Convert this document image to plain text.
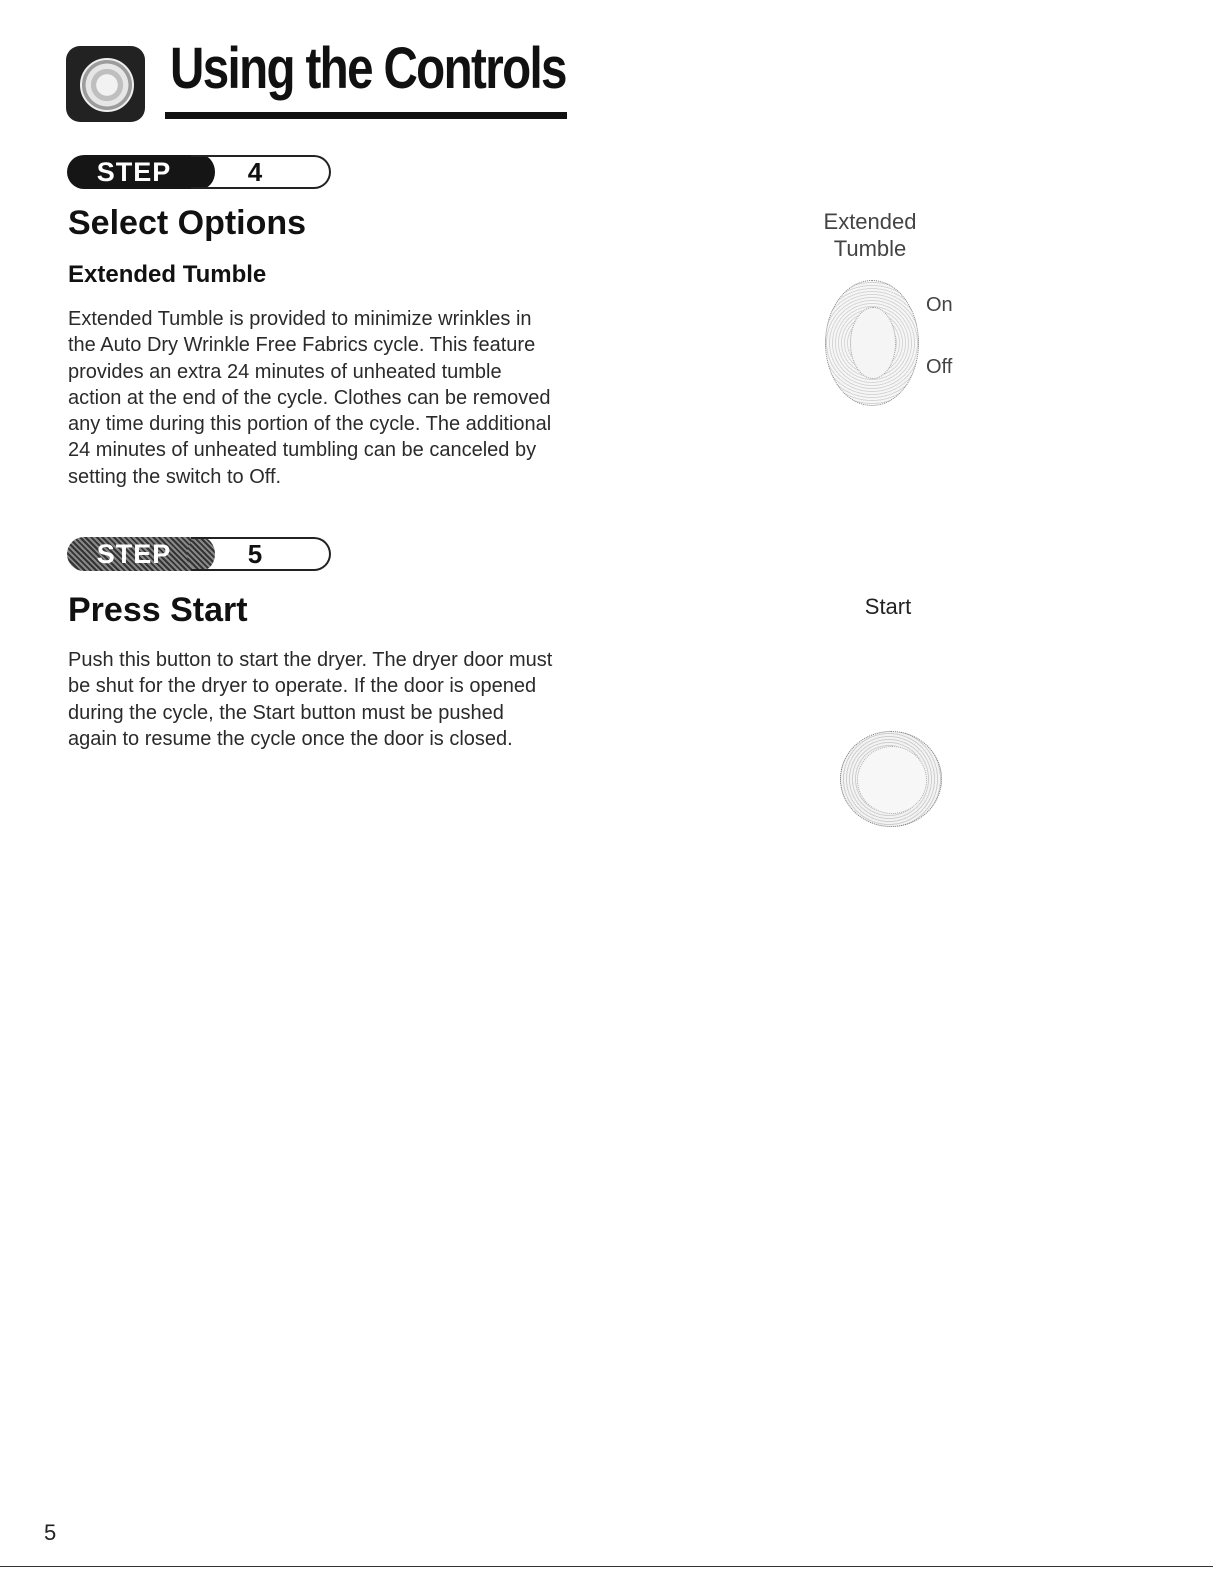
Using the Controls
STEP	4
Select Options
Extended Tumble
Extended Tumble is provided to minimize wrinkles in
the Auto Dry Wrinkle Free Fabrics cycle. This feature
provides an extra 24 minutes of unheated tumble
action at the end of the cycle. Clothes can be removed
any time during this portion of the cycle. The additional
24 minutes of unheated tumbling can be canceled by
setting the switch to Off.
Extended
Tumble
On
Off
STEP	5
Press Start
Push this button to start the dryer. The dryer door must
be shut for the dryer to operate. If the door is opened
during the cycle, the Start button must be pushed
again to resume the cycle once the door is closed.
Start
5
